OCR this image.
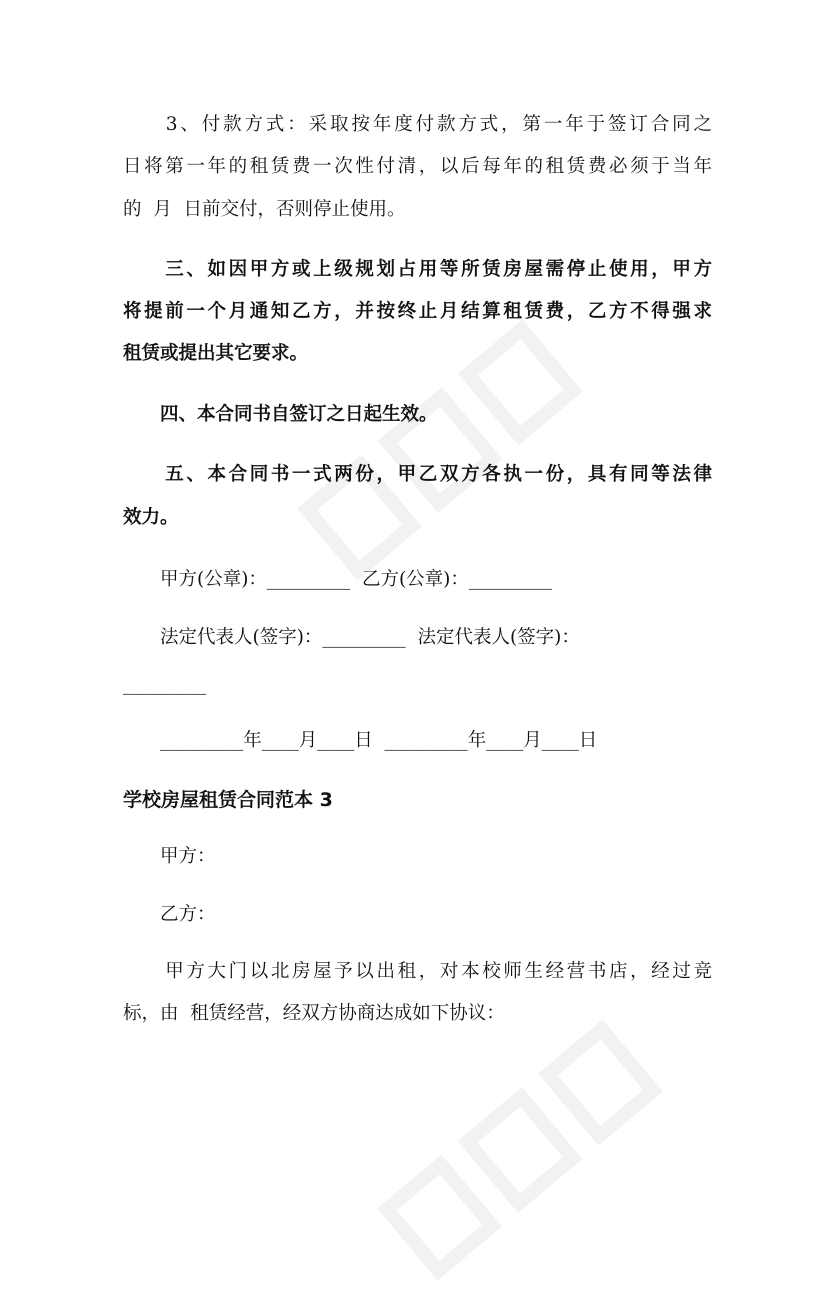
　　3、付款方式：采取按年度付款方式，第一年于签订合同之
日将第一年的租赁费一次性付清，以后每年的租赁费必须于当年
的  月  日前交付，否则停止使用。
　　三、如因甲方或上级规划占用等所赁房屋需停止使用，甲方
将提前一个月通知乙方，并按终止月结算租赁费，乙方不得强求
租赁或提出其它要求。
　　四、本合同书自签订之日起生效。
　　五、本合同书一式两份，甲乙双方各执一份，具有同等法律
效力。
　　甲方(公章)：_________  乙方(公章)：_________
　　法定代表人(签字)：_________  法定代表人(签字)：
_________
　　_________年____月____日  _________年____月____日
学校房屋租赁合同范本 3
　　甲方：
　　乙方：
　　甲方大门以北房屋予以出租，对本校师生经营书店，经过竞
标，由  租赁经营，经双方协商达成如下协议：
